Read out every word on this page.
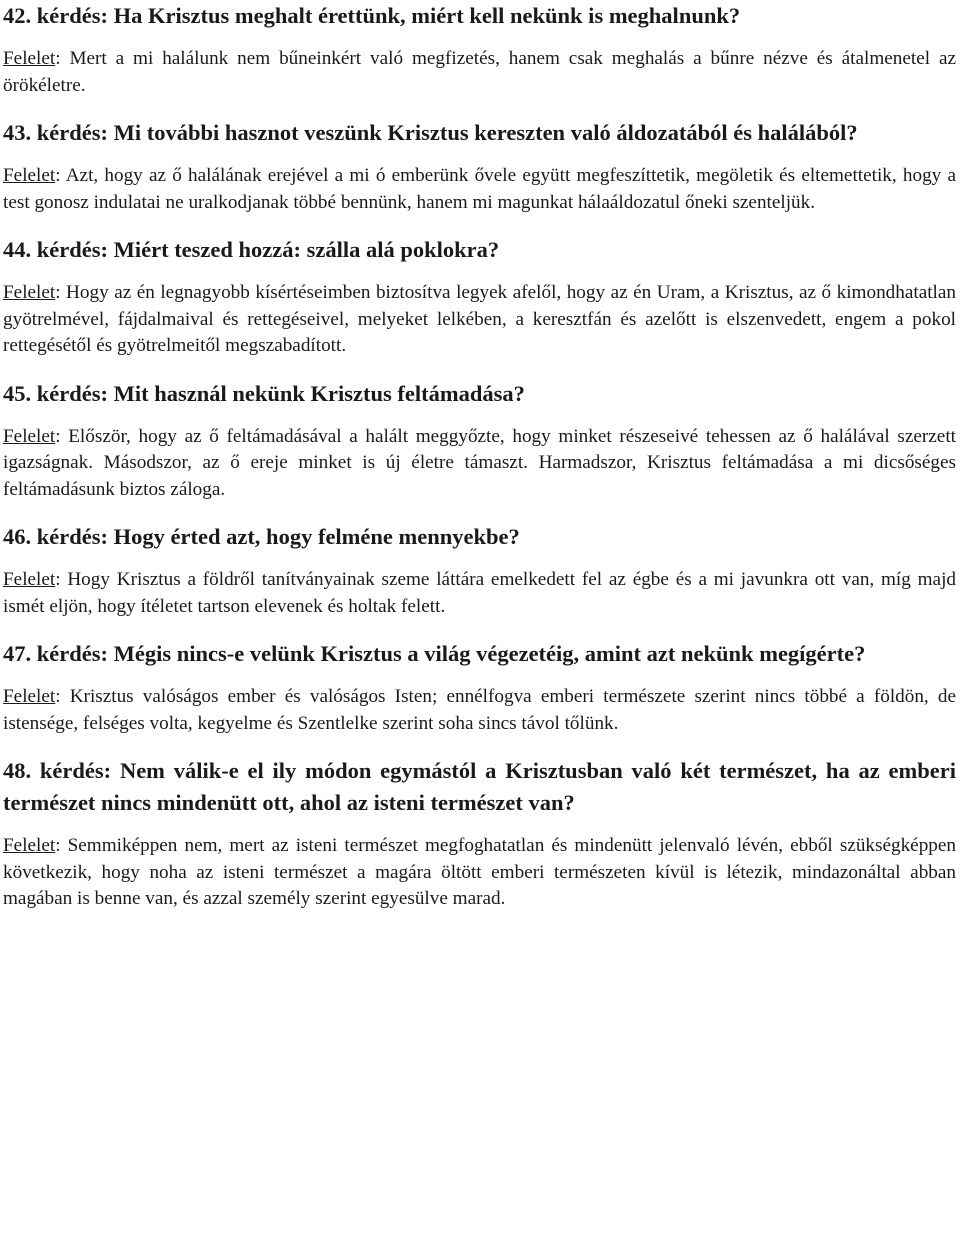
42. kérdés: Ha Krisztus meghalt érettünk, miért kell nekünk is meghalnunk?

Felelet: Mert a mi halálunk nem bűneinkért való megfizetés, hanem csak meghalás a bűnre nézve és átalmenetel az örökéletre.

43. kérdés: Mi további hasznot veszünk Krisztus kereszten való áldozatából és halálából?

Felelet: Azt, hogy az ő halálának erejével a mi ó emberünk ővele együtt megfeszíttetik, megöletik és eltemettetik, hogy a test gonosz indulatai ne uralkodjanak többé bennünk, hanem mi magunkat hálaáldozatul őneki szenteljük.

44. kérdés: Miért teszed hozzá: szálla alá poklokra?

Felelet: Hogy az én legnagyobb kísértéseimben biztosítva legyek afelől, hogy az én Uram, a Krisztus, az ő kimondhatatlan gyötrelmével, fájdalmaival és rettegéseivel, melyeket lelkében, a keresztfán és azelőtt is elszenvedett, engem a pokol rettegésétől és gyötrelmeitől megszabadított.

45. kérdés: Mit használ nekünk Krisztus feltámadása?

Felelet: Először, hogy az ő feltámadásával a halált meggyőzte, hogy minket részeseivé tehessen az ő halálával szerzett igazságnak. Másodszor, az ő ereje minket is új életre támaszt. Harmadszor, Krisztus feltámadása a mi dicsőséges feltámadásunk biztos záloga.

46. kérdés: Hogy érted azt, hogy felméne mennyekbe?

Felelet: Hogy Krisztus a földről tanítványainak szeme láttára emelkedett fel az égbe és a mi javunkra ott van, míg majd ismét eljön, hogy ítéletet tartson elevenek és holtak felett.

47. kérdés: Mégis nincs-e velünk Krisztus a világ végezetéig, amint azt nekünk megígérte?

Felelet: Krisztus valóságos ember és valóságos Isten; ennélfogva emberi természete szerint nincs többé a földön, de istensége, felséges volta, kegyelme és Szentlelke szerint soha sincs távol tőlünk.

48. kérdés: Nem válik-e el ily módon egymástól a Krisztusban való két természet, ha az emberi természet nincs mindenütt ott, ahol az isteni természet van?

Felelet: Semmiképpen nem, mert az isteni természet megfoghatatlan és mindenütt jelenvaló lévén, ebből szükségképpen következik, hogy noha az isteni természet a magára öltött emberi természeten kívül is létezik, mindazonáltal abban magában is benne van, és azzal személy szerint egyesülve marad.
